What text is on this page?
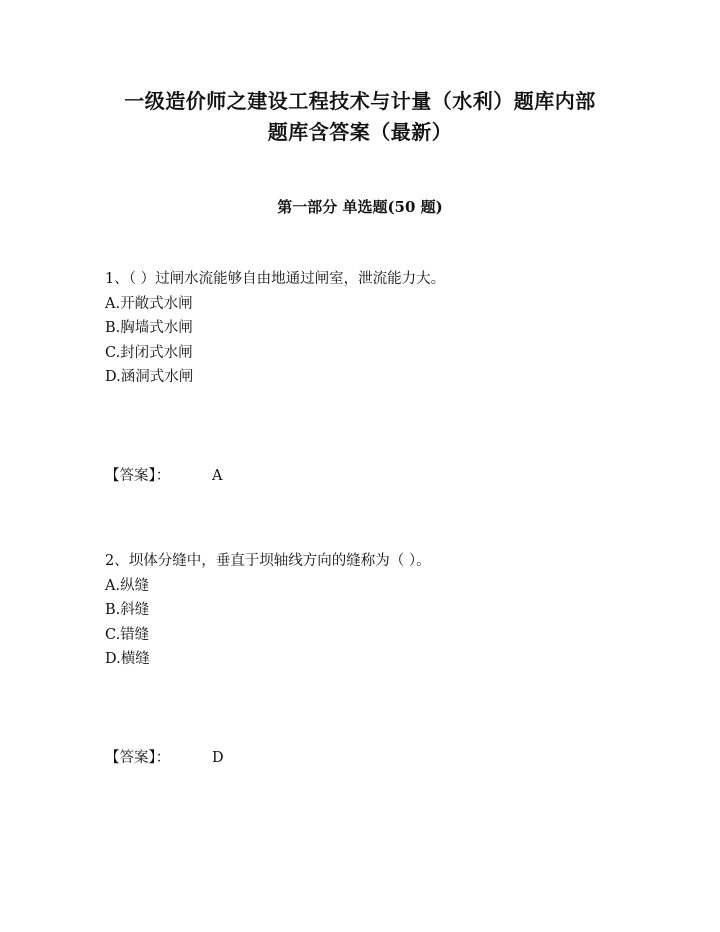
一级造价师之建设工程技术与计量（水利）题库内部
题库含答案（最新）
第一部分 单选题(50 题)
1、（ ）过闸水流能够自由地通过闸室，泄流能力大。
A.开敞式水闸
B.胸墙式水闸
C.封闭式水闸
D.涵洞式水闸
【答案】：	A
2、坝体分缝中，垂直于坝轴线方向的缝称为（ ）。
A.纵缝
B.斜缝
C.错缝
D.横缝
【答案】：	D
